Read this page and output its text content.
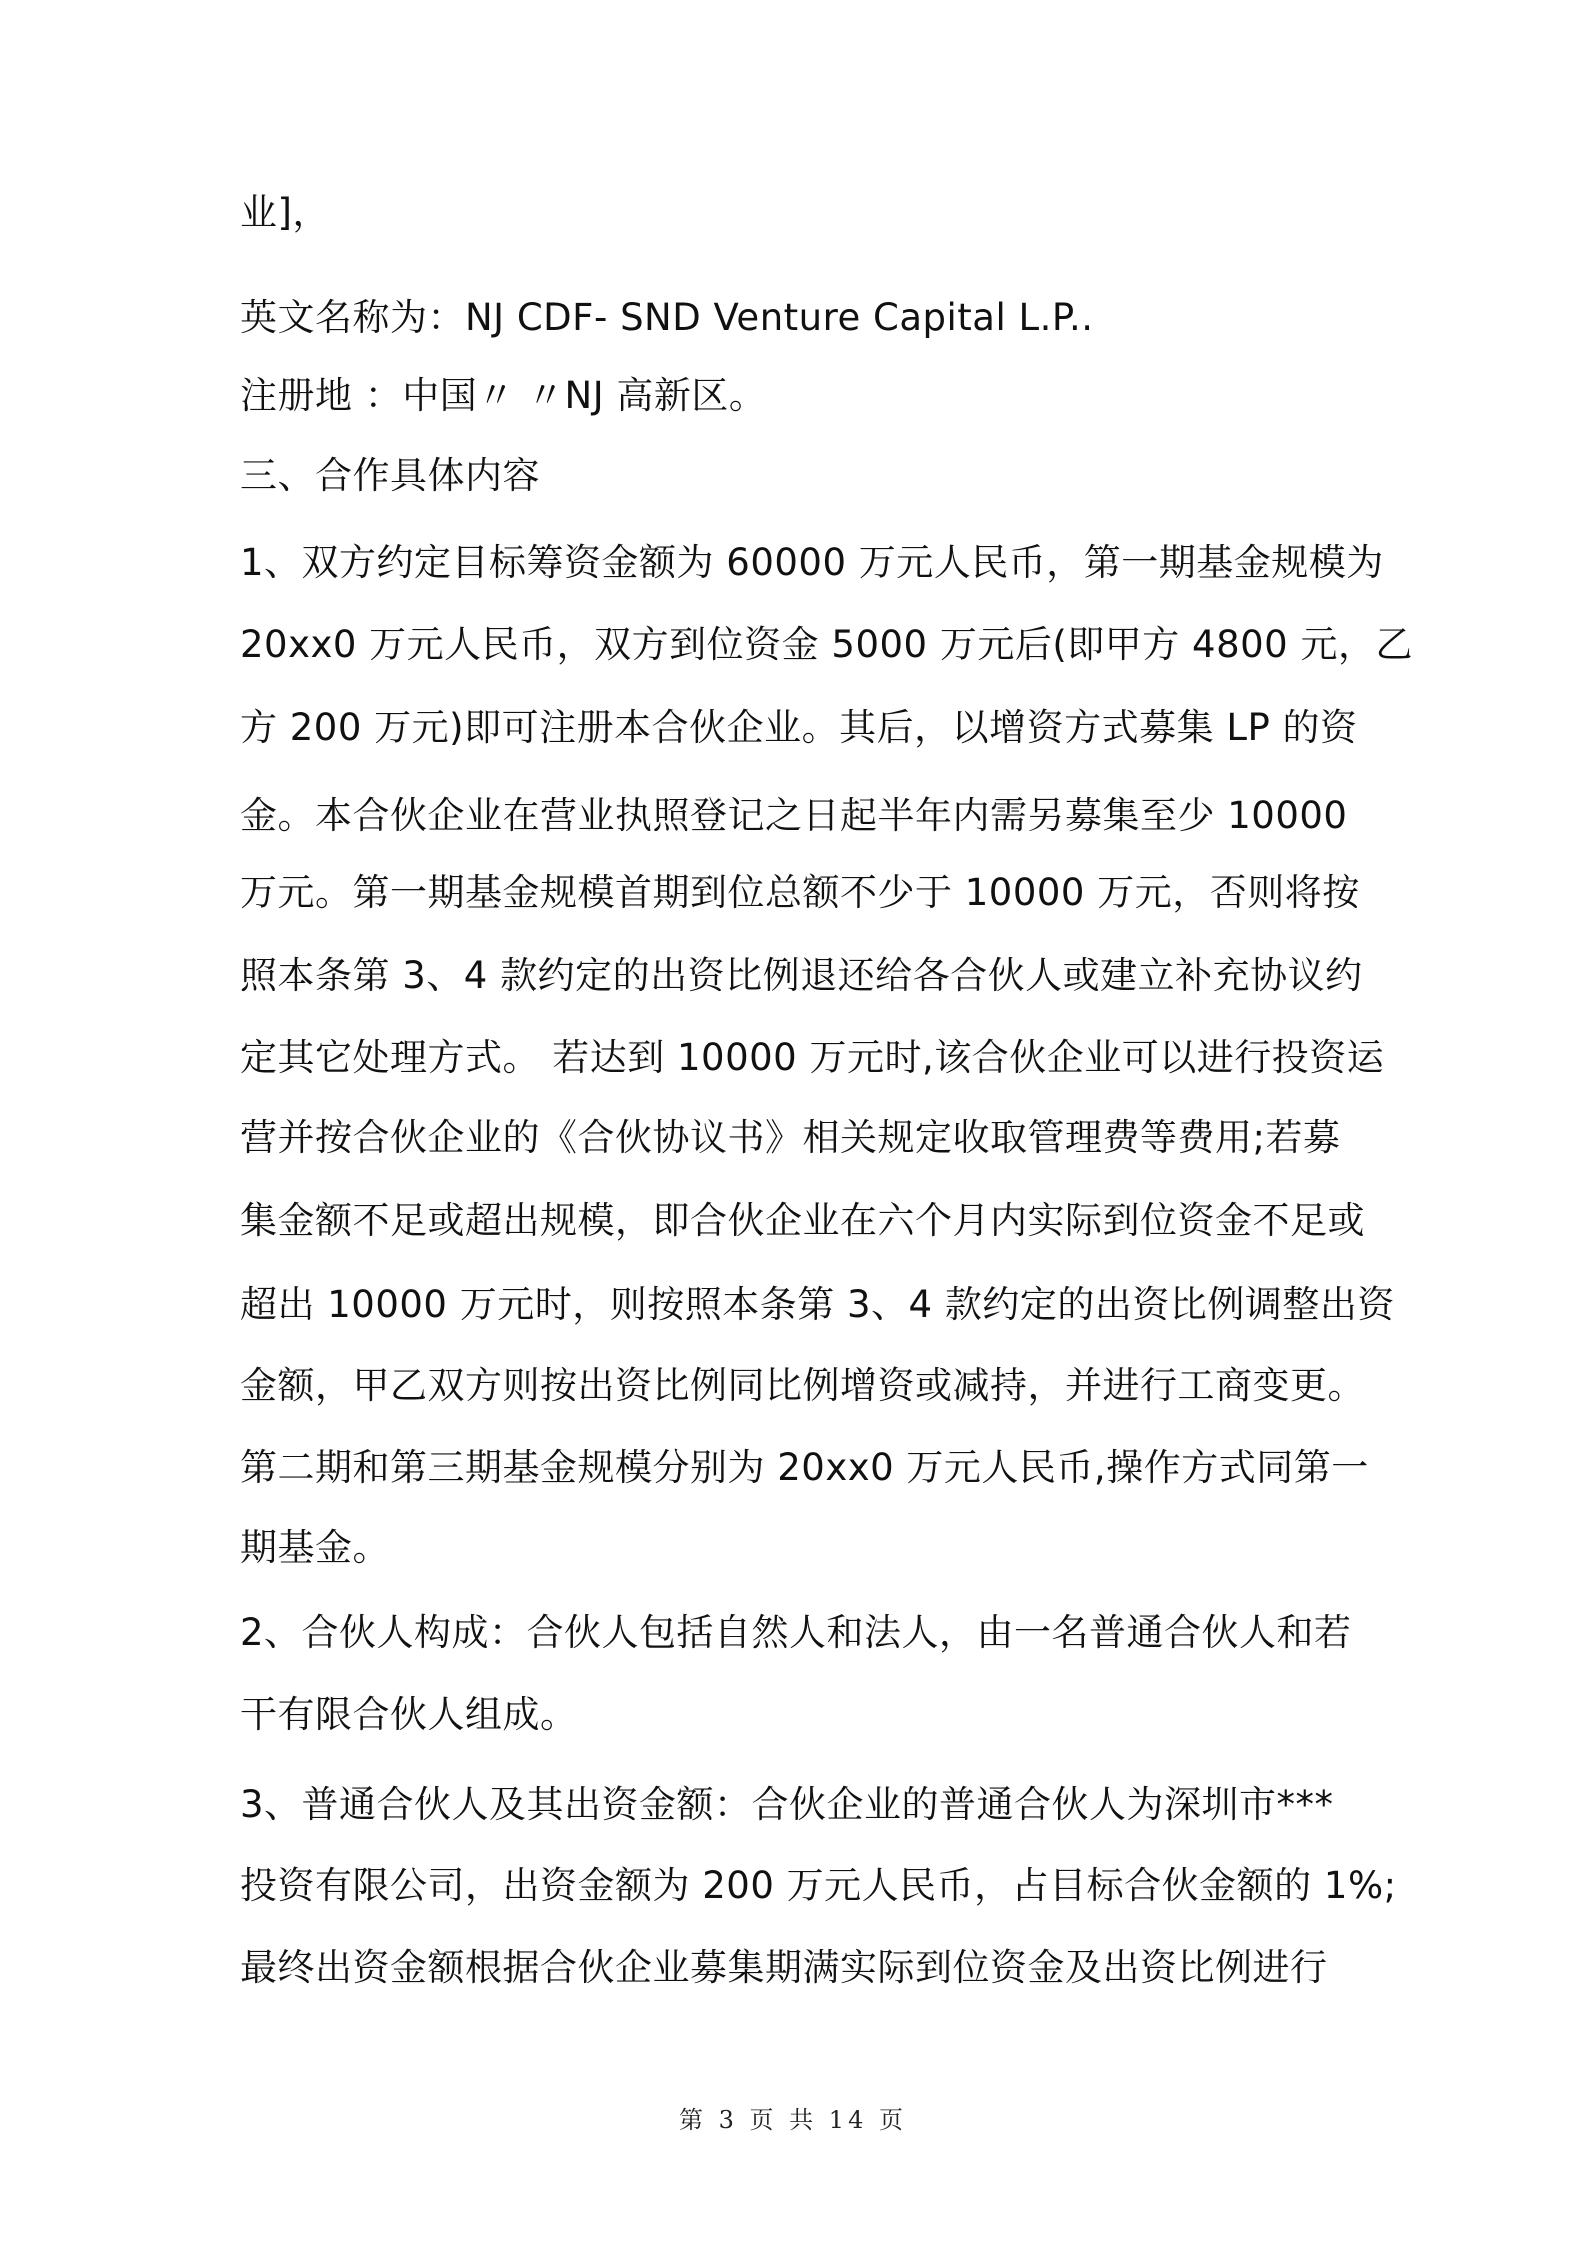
业]，
英文名称为：NJ CDF- SND Venture Capital L.P..
注册地 ：中国〃 〃NJ 高新区。
三、合作具体内容
1、双方约定目标筹资金额为 60000 万元人民币，第一期基金规模为
20xx0 万元人民币，双方到位资金 5000 万元后(即甲方 4800 元，乙
方 200 万元)即可注册本合伙企业。其后，以增资方式募集 LP 的资
金。本合伙企业在营业执照登记之日起半年内需另募集至少 10000
万元。第一期基金规模首期到位总额不少于 10000 万元，否则将按
照本条第 3、4 款约定的出资比例退还给各合伙人或建立补充协议约
定其它处理方式。 若达到 10000 万元时,该合伙企业可以进行投资运
营并按合伙企业的《合伙协议书》相关规定收取管理费等费用;若募
集金额不足或超出规模，即合伙企业在六个月内实际到位资金不足或
超出 10000 万元时，则按照本条第 3、4 款约定的出资比例调整出资
金额，甲乙双方则按出资比例同比例增资或减持，并进行工商变更。
第二期和第三期基金规模分别为 20xx0 万元人民币,操作方式同第一
期基金。
2、合伙人构成：合伙人包括自然人和法人，由一名普通合伙人和若
干有限合伙人组成。
3、普通合伙人及其出资金额：合伙企业的普通合伙人为深圳市***
投资有限公司，出资金额为 200 万元人民币，占目标合伙金额的 1%;
最终出资金额根据合伙企业募集期满实际到位资金及出资比例进行
第 3 页 共 14 页
